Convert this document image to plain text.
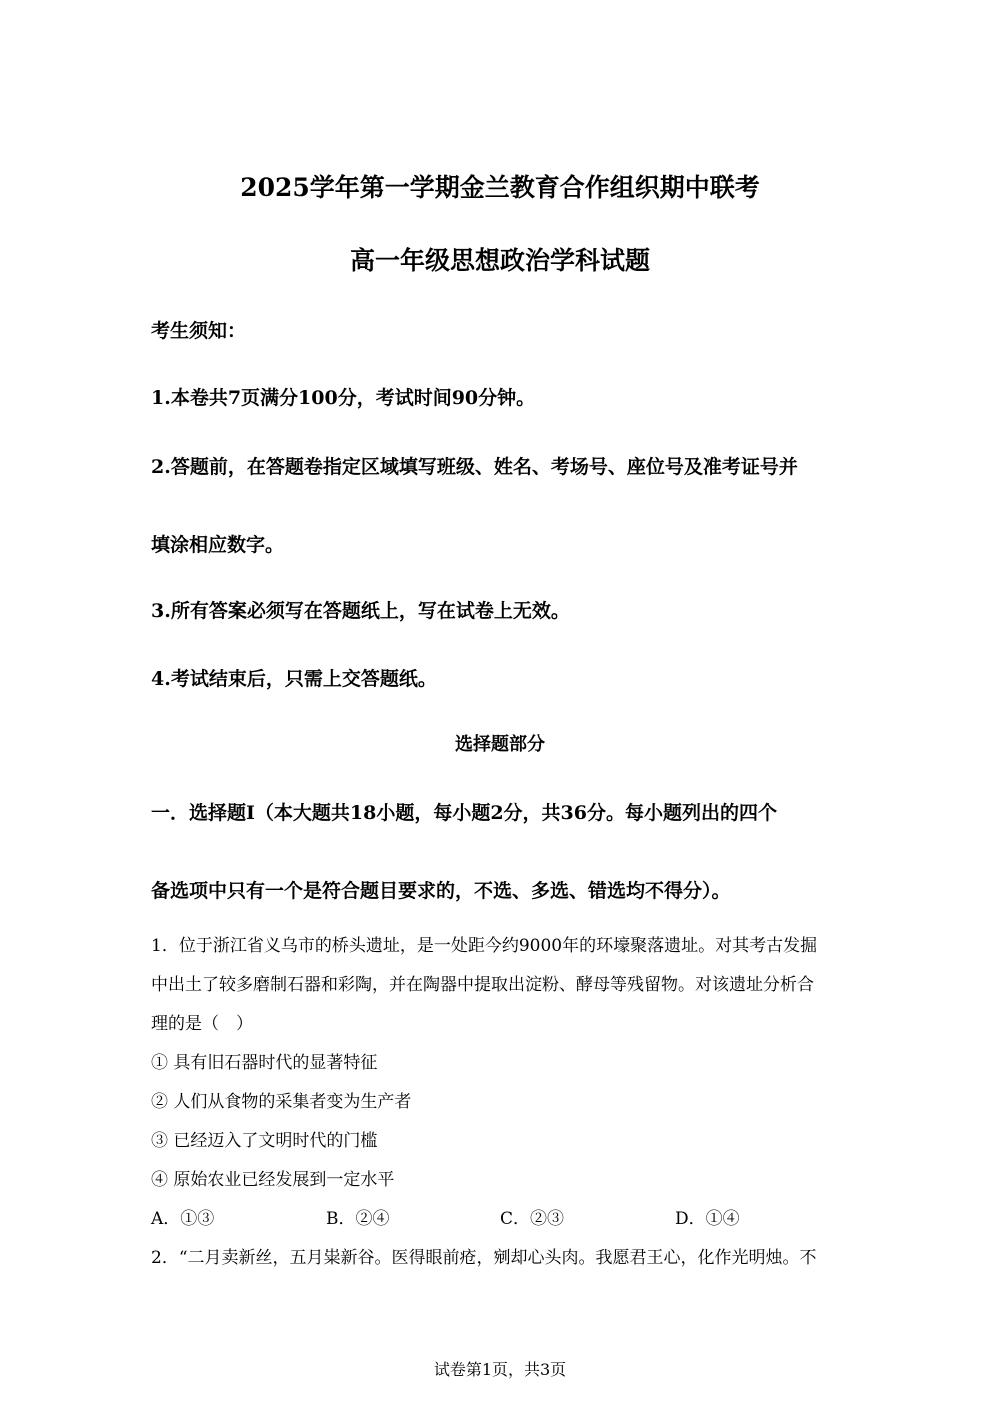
2025学年第一学期金兰教育合作组织期中联考
高一年级思想政治学科试题
考生须知：
1.本卷共7页满分100分，考试时间90分钟。
2.答题前，在答题卷指定区域填写班级、姓名、考场号、座位号及准考证号并
填涂相应数字。
3.所有答案必须写在答题纸上，写在试卷上无效。
4.考试结束后，只需上交答题纸。
选择题部分
一．选择题Ⅰ（本大题共18小题，每小题2分，共36分。每小题列出的四个
备选项中只有一个是符合题目要求的，不选、多选、错选均不得分）。
1．位于浙江省义乌市的桥头遗址，是一处距今约9000年的环壕聚落遗址。对其考古发掘
中出土了较多磨制石器和彩陶，并在陶器中提取出淀粉、酵母等残留物。对该遗址分析合
理的是（　）
① 具有旧石器时代的显著特征
② 人们从食物的采集者变为生产者
③ 已经迈入了文明时代的门槛
④ 原始农业已经发展到一定水平
A．①③	B．②④	C．②③	D．①④
2．“二月卖新丝，五月粜新谷。医得眼前疮，剜却心头肉。我愿君王心，化作光明烛。不
试卷第1页，共3页
